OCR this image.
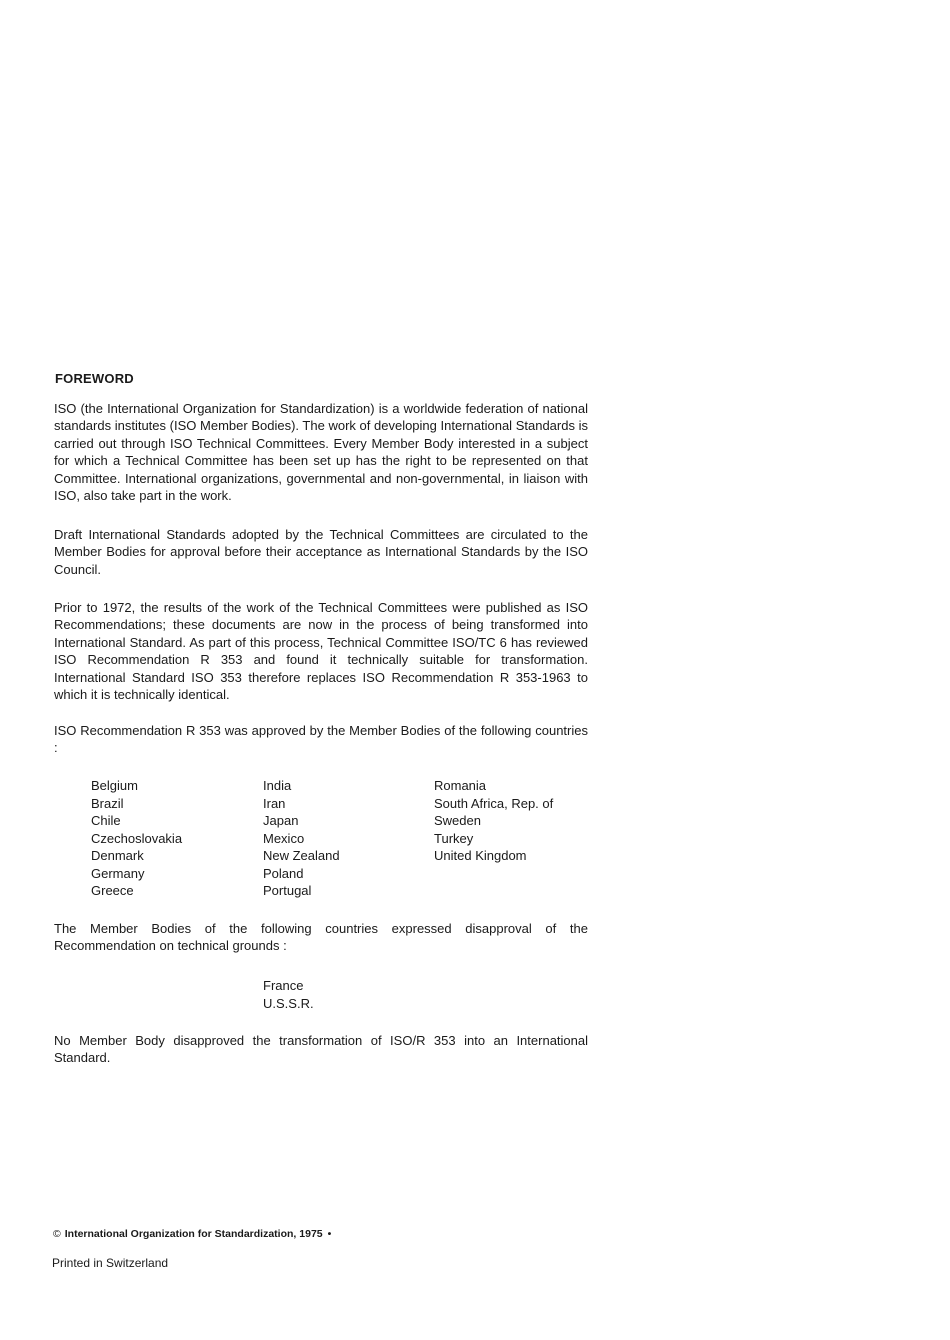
FOREWORD

ISO (the International Organization for Standardization) is a worldwide federation of national standards institutes (ISO Member Bodies). The work of developing International Standards is carried out through ISO Technical Committees. Every Member Body interested in a subject for which a Technical Committee has been set up has the right to be represented on that Committee. International organizations, governmental and non-governmental, in liaison with ISO, also take part in the work.

Draft International Standards adopted by the Technical Committees are circulated to the Member Bodies for approval before their acceptance as International Standards by the ISO Council.

Prior to 1972, the results of the work of the Technical Committees were published as ISO Recommendations; these documents are now in the process of being transformed into International Standard. As part of this process, Technical Committee ISO/TC 6 has reviewed ISO Recommendation R 353 and found it technically suitable for transformation. International Standard ISO 353 therefore replaces ISO Recommendation R 353-1963 to which it is technically identical.

ISO Recommendation R 353 was approved by the Member Bodies of the following countries :

Belgium
Brazil
Chile
Czechoslovakia
Denmark
Germany
Greece
India
Iran
Japan
Mexico
New Zealand
Poland
Portugal
Romania
South Africa, Rep. of
Sweden
Turkey
United Kingdom

The Member Bodies of the following countries expressed disapproval of the Recommendation on technical grounds :

France
U.S.S.R.

No Member Body disapproved the transformation of ISO/R 353 into an International Standard.

© International Organization for Standardization, 1975 •
Printed in Switzerland
